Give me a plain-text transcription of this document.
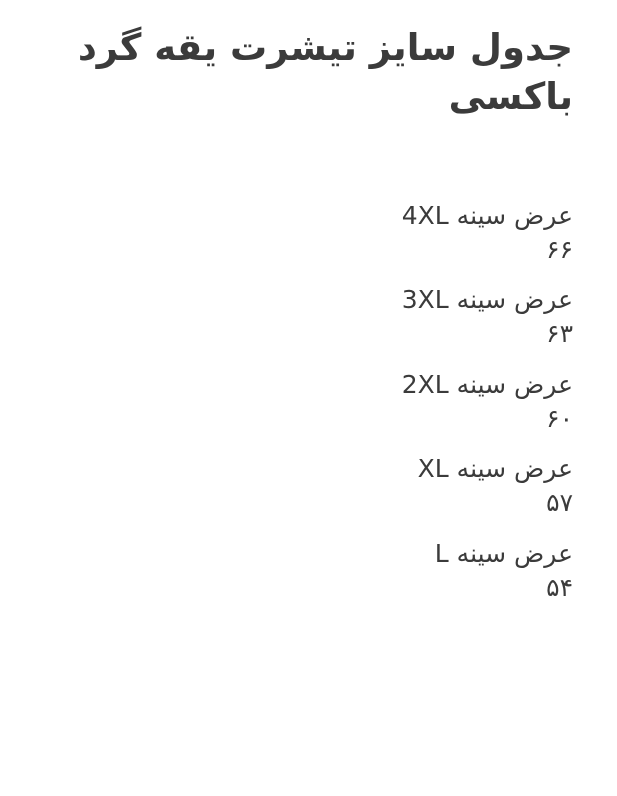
جدول سایز تیشرت یقه گرد باکسی
عرض سینه 4XL
۶۶
عرض سینه 3XL
۶۳
عرض سینه 2XL
۶۰
عرض سینه XL
۵۷
عرض سینه L
۵۴
